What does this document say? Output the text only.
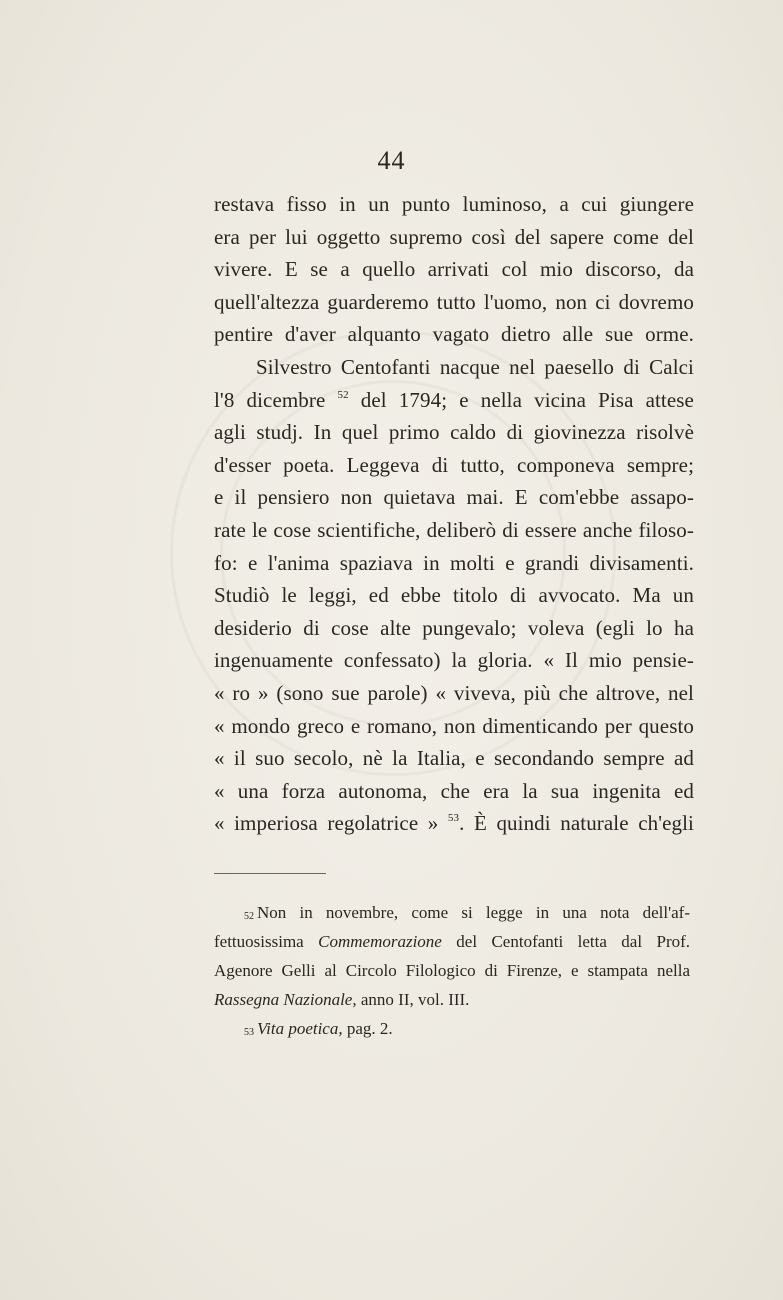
44
restava fisso in un punto luminoso, a cui giungere
era per lui oggetto supremo così del sapere come del
vivere. E se a quello arrivati col mio discorso, da
quell'altezza guarderemo tutto l'uomo, non ci dovremo
pentire d'aver alquanto vagato dietro alle sue orme.
Silvestro Centofanti nacque nel paesello di Calci
l'8 dicembre $^{52}$ del 1794; e nella vicina Pisa attese
agli studj. In quel primo caldo di giovinezza risolvè
d'esser poeta. Leggeva di tutto, componeva sempre;
e il pensiero non quietava mai. E com'ebbe assapo-
rate le cose scientifiche, deliberò di essere anche filoso-
fo: e l'anima spaziava in molti e grandi divisamenti.
Studiò le leggi, ed ebbe titolo di avvocato. Ma un
desiderio di cose alte pungevalo; voleva (egli lo ha
ingenuamente confessato) la gloria. « Il mio pensie-
« ro » (sono sue parole) « viveva, più che altrove, nel
« mondo greco e romano, non dimenticando per questo
« il suo secolo, nè la Italia, e secondando sempre ad
« una forza autonoma, che era la sua ingenita ed
« imperiosa regolatrice » $^{53}$. È quindi naturale ch'egli
$^{52}$ Non in novembre, come si legge in una nota dell'af-
fettuosissima Commemorazione del Centofanti letta dal Prof.
Agenore Gelli al Circolo Filologico di Firenze, e stampata nella
Rassegna Nazionale, anno II, vol. III.
$^{53}$ Vita poetica, pag. 2.
